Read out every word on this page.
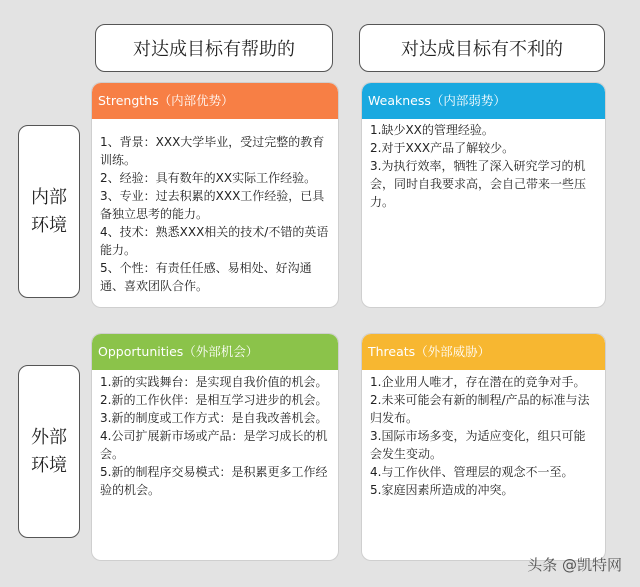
对达成目标有帮助的	对达成目标有不利的
内部环境
外部环境
Strengths（内部优势）
1、背景：XXX大学毕业，受过完整的教育训练。
2、经验：具有数年的XX实际工作经验。
3、专业：过去积累的XXX工作经验，已具备独立思考的能力。
4、技术：熟悉XXX相关的技术/不错的英语能力。
5、个性：有责任任感、易相处、好沟通通、喜欢团队合作。
Weakness（内部弱势）
1.缺少XX的管理经验。
2.对于XXX产品了解较少。
3.为执行效率，牺牲了深入研究学习的机会，同时自我要求高，会自己带来一些压力。
Opportunities（外部机会）
1.新的实践舞台：是实现自我价值的机会。
2.新的工作伙伴：是相互学习进步的机会。
3.新的制度或工作方式：是自我改善机会。
4.公司扩展新市场或产品：是学习成长的机会。
5.新的制程序交易模式：是积累更多工作经验的机会。
Threats（外部威胁）
1.企业用人唯才，存在潜在的竞争对手。
2.未来可能会有新的制程/产品的标准与法归发布。
3.国际市场多变，为适应变化，组只可能会发生变动。
4.与工作伙伴、管理层的观念不一至。
5.家庭因素所造成的冲突。
头条 @凯特网
